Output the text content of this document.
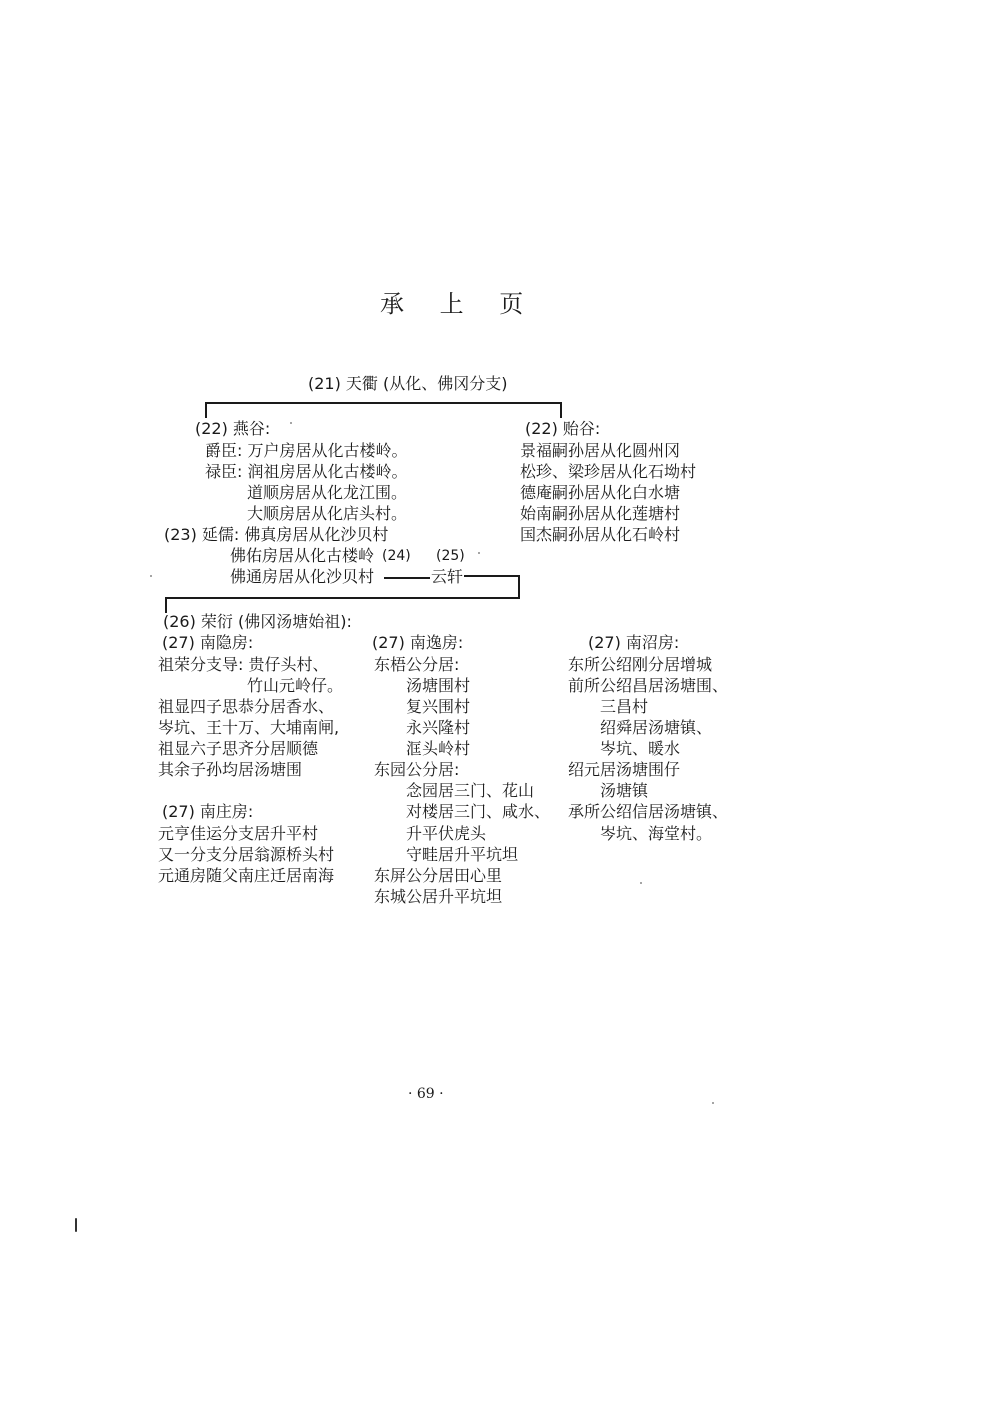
承 上 页
(21) 天衢 (从化、佛冈分支)
(22) 燕谷:
爵臣: 万户房居从化古楼岭。
禄臣: 润祖房居从化古楼岭。
道顺房居从化龙江围。
大顺房居从化店头村。
(22) 贻谷:
景福嗣孙居从化圆州冈
松珍、梁珍居从化石坳村
德庵嗣孙居从化白水塘
始南嗣孙居从化莲塘村
国杰嗣孙居从化石岭村
(23) 延儒: 佛真房居从化沙贝村
佛佑房居从化古楼岭 (24) (25)
佛通房居从化沙贝村	云轩
(26) 荣衍 (佛冈汤塘始祖):
(27) 南隐房:
祖荣分支导: 贵仔头村、
竹山元岭仔。
祖显四子思恭分居香水、
岑坑、王十万、大埔南闸,
祖显六子思齐分居顺德
其余子孙均居汤塘围
(27) 南庄房:
元亨佳运分支居升平村
又一分支分居翁源桥头村
元通房随父南庄迁居南海
(27) 南逸房:
东梧公分居:
汤塘围村
复兴围村
永兴隆村
洭头岭村
东园公分居:
念园居三门、花山
对楼居三门、咸水、
升平伏虎头
守畦居升平坑坦
东屏公分居田心里
东城公居升平坑坦
(27) 南沼房:
东所公绍刚分居增城
前所公绍昌居汤塘围、
三昌村
绍舜居汤塘镇、
岑坑、暖水
绍元居汤塘围仔
汤塘镇
承所公绍信居汤塘镇、
岑坑、海堂村。
· 69 ·
